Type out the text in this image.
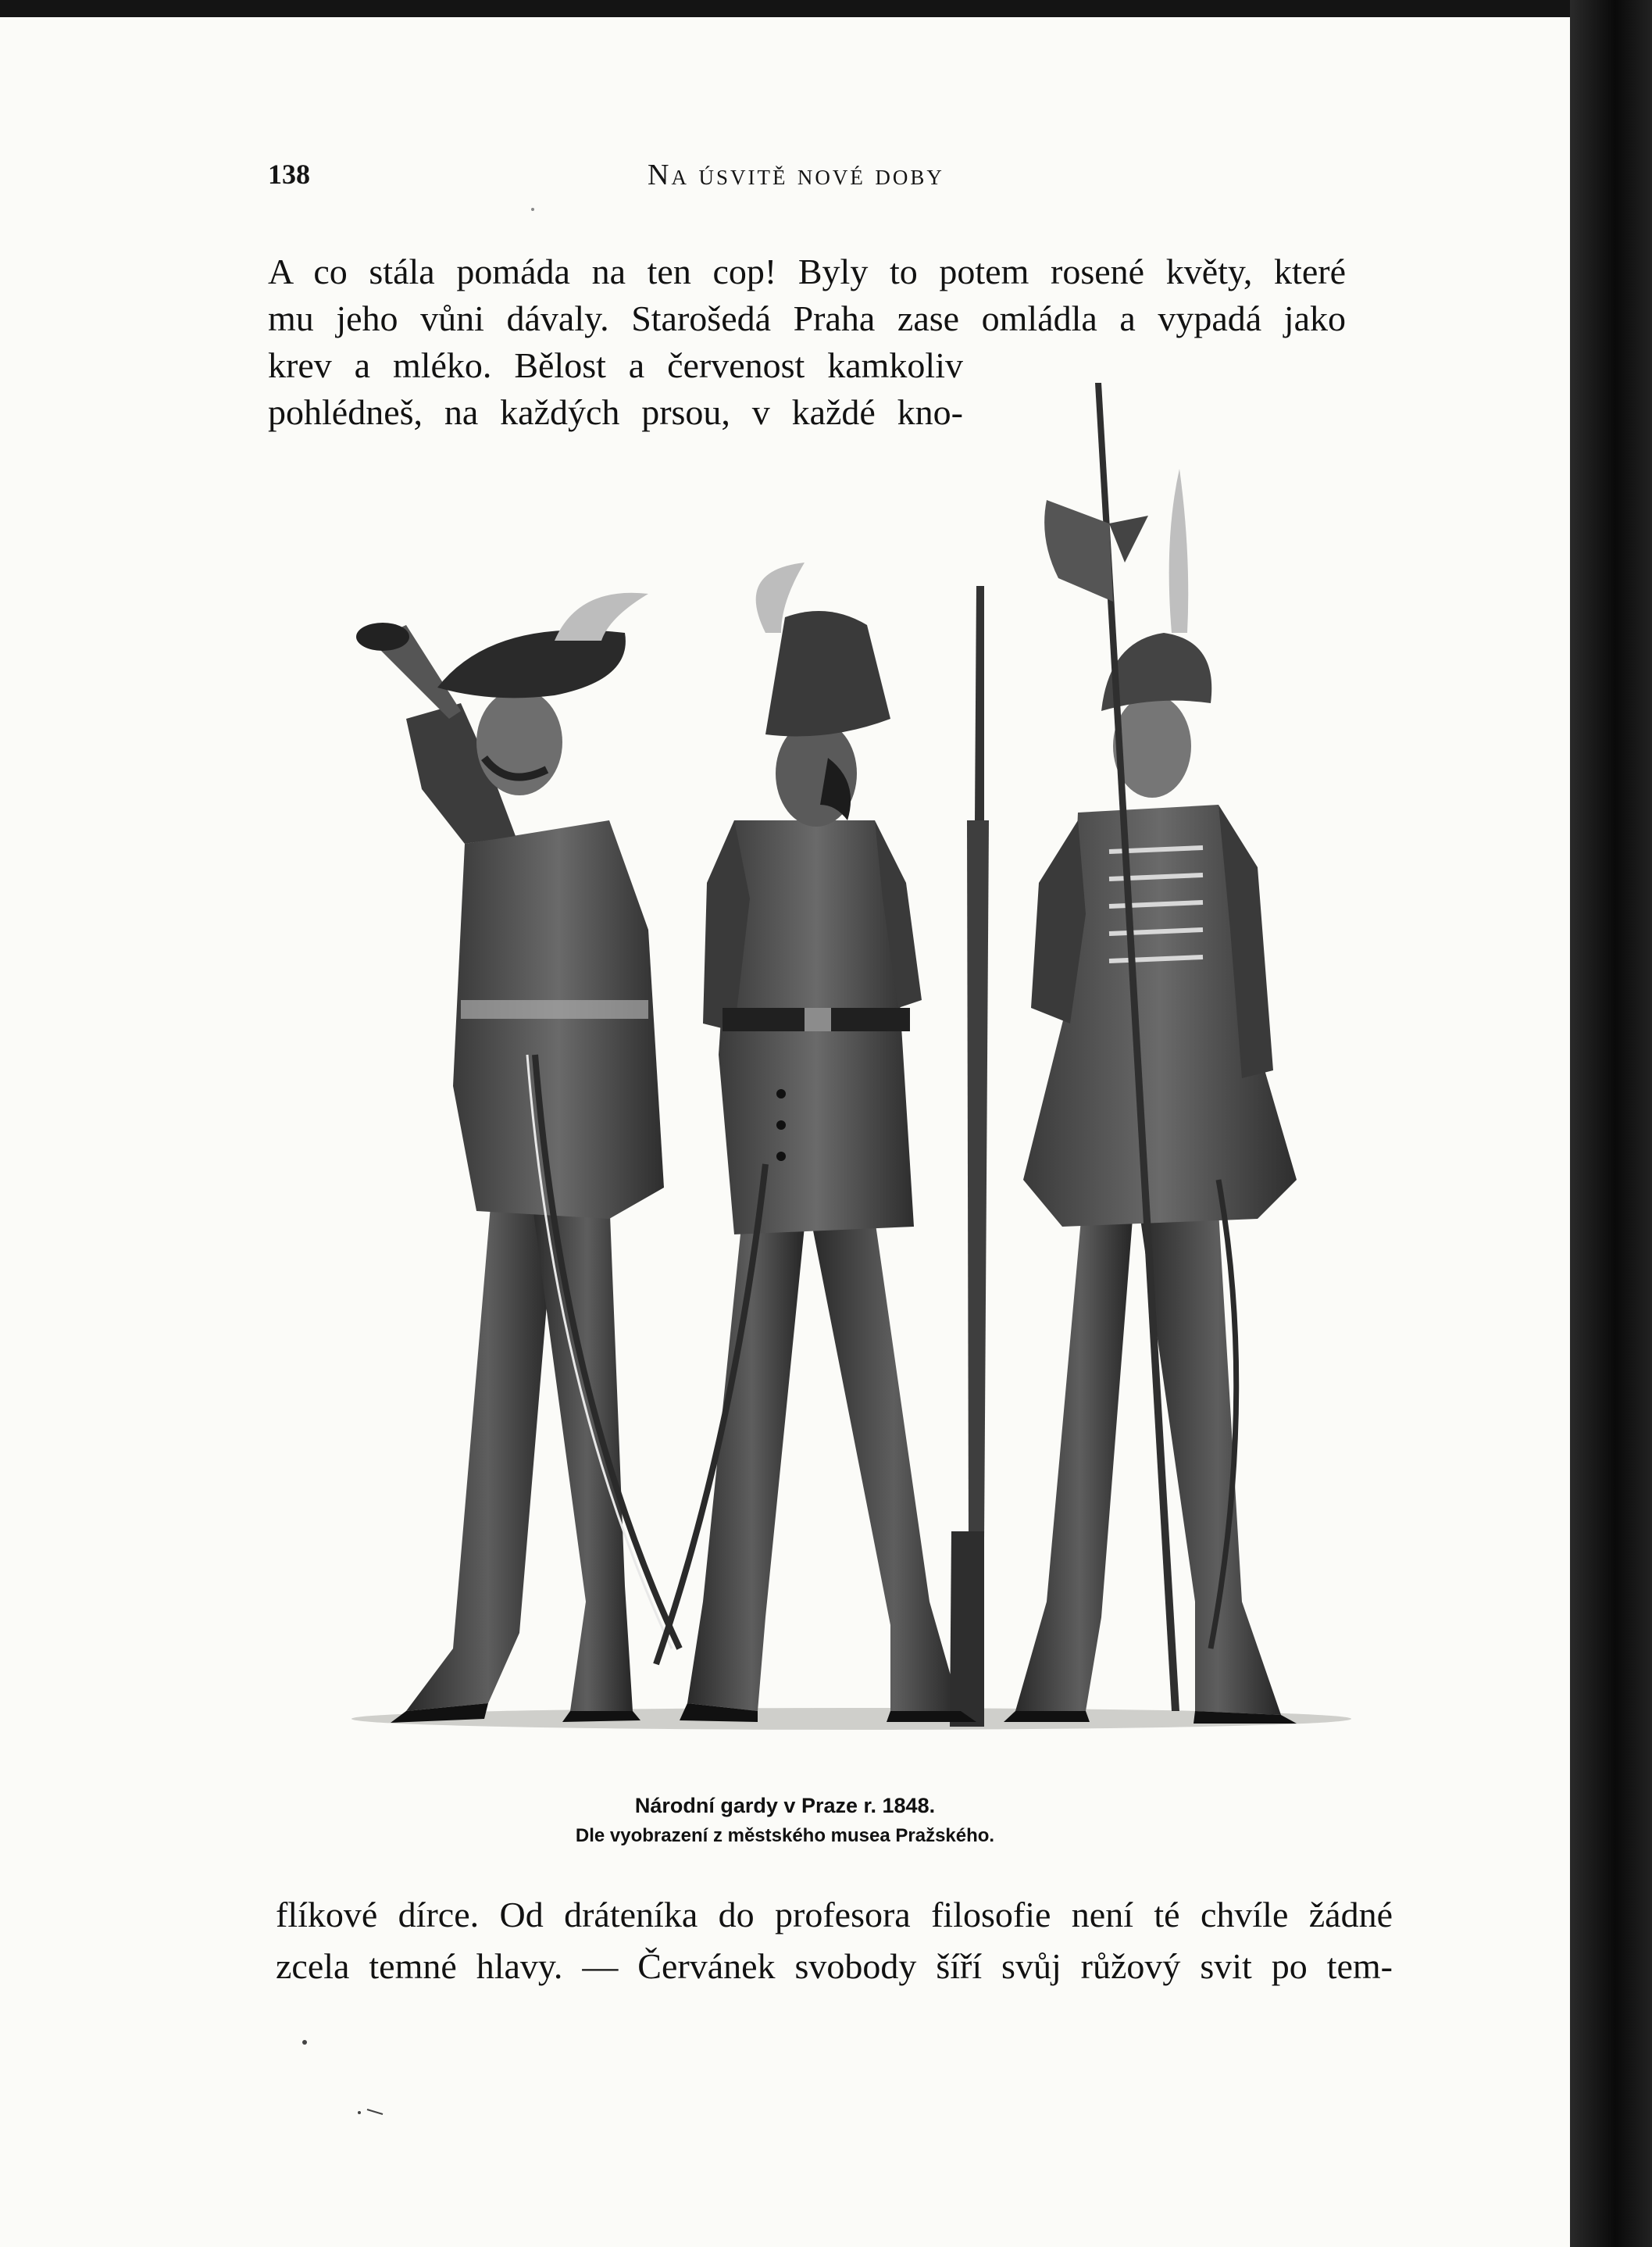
138	Na úsvitě nové doby
A co stála pomáda na ten cop! Byly to potem rosené květy, které
mu jeho vůni dávaly. Starošedá Praha zase omládla a vypadá jako
krev a mléko. Bělost a červenost kamkoliv
pohlédneš, na každých prsou, v každé kno-
Národní gardy v Praze r. 1848.
Dle vyobrazení z městského musea Pražského.
flíkové dírce. Od dráteníka do profesora filosofie není té chvíle žádné
zcela temné hlavy. — Červánek svobody šíří svůj růžový svit po tem-
